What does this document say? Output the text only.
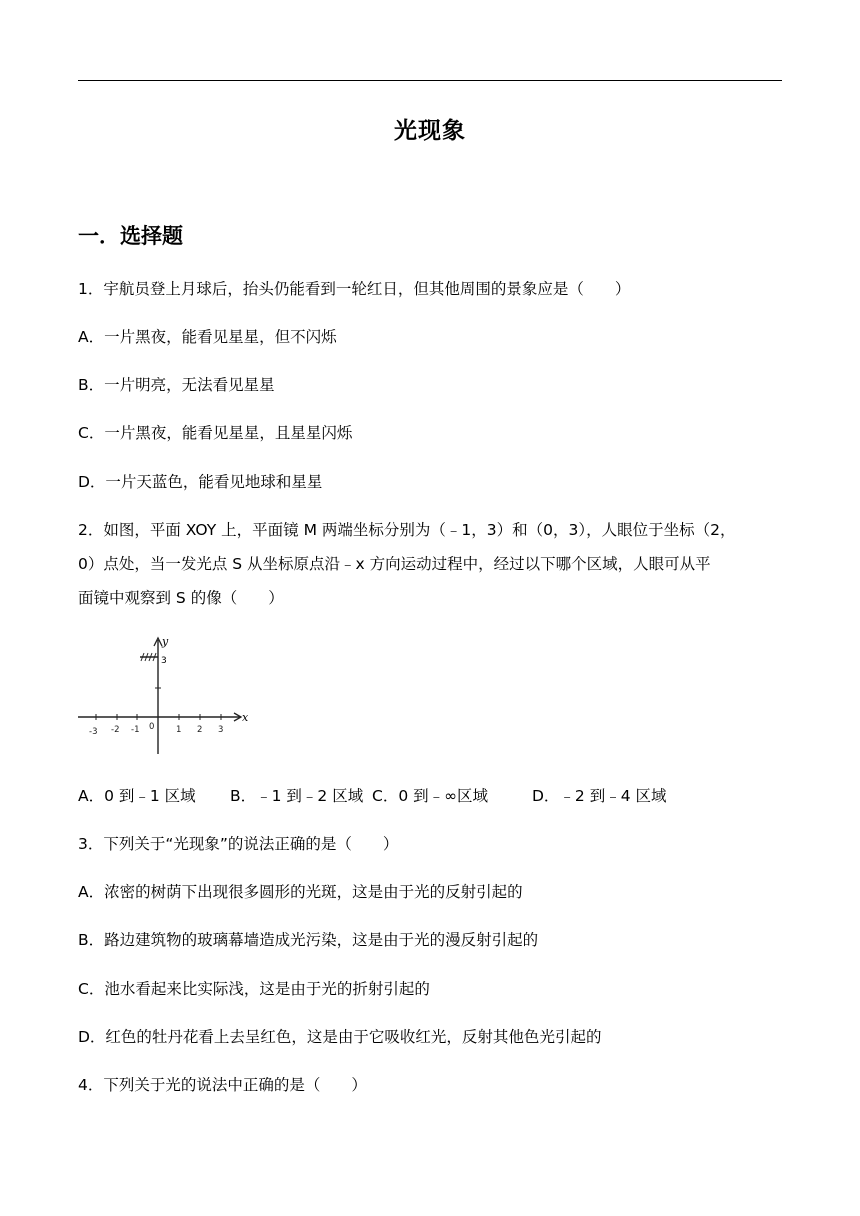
光现象
一．选择题
1．宇航员登上月球后，抬头仍能看到一轮红日，但其他周围的景象应是（　　）
A．一片黑夜，能看见星星，但不闪烁
B．一片明亮，无法看见星星
C．一片黑夜，能看见星星，且星星闪烁
D．一片天蓝色，能看见地球和星星
2．如图，平面 XOY 上，平面镜 M 两端坐标分别为（﹣1，3）和（0，3），人眼位于坐标（2，
0）点处，当一发光点 S 从坐标原点沿﹣x 方向运动过程中，经过以下哪个区域，人眼可从平
面镜中观察到 S 的像（　　）
x
y
3
-3 -2 -1 0	1 2 3
A．0 到﹣1 区域 B．﹣1 到﹣2 区域 C．0 到﹣∞区域	D．﹣2 到﹣4 区域
3．下列关于“光现象”的说法正确的是（　　）
A．浓密的树荫下出现很多圆形的光斑，这是由于光的反射引起的
B．路边建筑物的玻璃幕墙造成光污染，这是由于光的漫反射引起的
C．池水看起来比实际浅，这是由于光的折射引起的
D．红色的牡丹花看上去呈红色，这是由于它吸收红光，反射其他色光引起的
4．下列关于光的说法中正确的是（　　）
